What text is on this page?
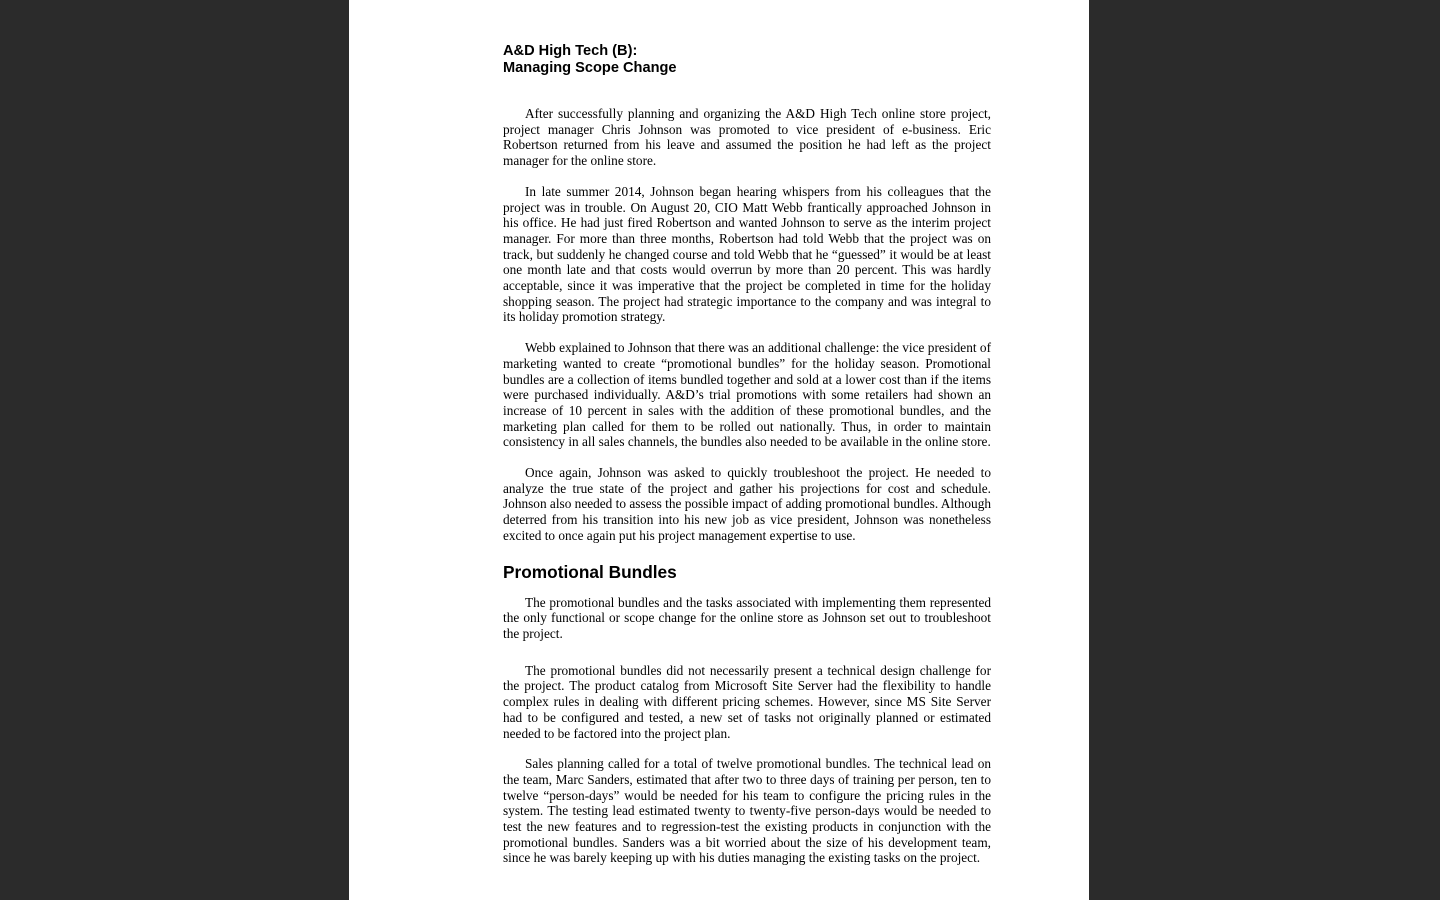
A&D High Tech (B):
Managing Scope Change

After successfully planning and organizing the A&D High Tech online store project, project manager Chris Johnson was promoted to vice president of e-business. Eric Robertson returned from his leave and assumed the position he had left as the project manager for the online store.

In late summer 2014, Johnson began hearing whispers from his colleagues that the project was in trouble. On August 20, CIO Matt Webb frantically approached Johnson in his office. He had just fired Robertson and wanted Johnson to serve as the interim project manager. For more than three months, Robertson had told Webb that the project was on track, but suddenly he changed course and told Webb that he “guessed” it would be at least one month late and that costs would overrun by more than 20 percent. This was hardly acceptable, since it was imperative that the project be completed in time for the holiday shopping season. The project had strategic importance to the company and was integral to its holiday promotion strategy.

Webb explained to Johnson that there was an additional challenge: the vice president of marketing wanted to create “promotional bundles” for the holiday season. Promotional bundles are a collection of items bundled together and sold at a lower cost than if the items were purchased individually. A&D’s trial promotions with some retailers had shown an increase of 10 percent in sales with the addition of these promotional bundles, and the marketing plan called for them to be rolled out nationally. Thus, in order to maintain consistency in all sales channels, the bundles also needed to be available in the online store.

Once again, Johnson was asked to quickly troubleshoot the project. He needed to analyze the true state of the project and gather his projections for cost and schedule. Johnson also needed to assess the possible impact of adding promotional bundles. Although deterred from his transition into his new job as vice president, Johnson was nonetheless excited to once again put his project management expertise to use.

Promotional Bundles

The promotional bundles and the tasks associated with implementing them represented the only functional or scope change for the online store as Johnson set out to troubleshoot the project.

The promotional bundles did not necessarily present a technical design challenge for the project. The product catalog from Microsoft Site Server had the flexibility to handle complex rules in dealing with different pricing schemes. However, since MS Site Server had to be configured and tested, a new set of tasks not originally planned or estimated needed to be factored into the project plan.

Sales planning called for a total of twelve promotional bundles. The technical lead on the team, Marc Sanders, estimated that after two to three days of training per person, ten to twelve “person-days” would be needed for his team to configure the pricing rules in the system. The testing lead estimated twenty to twenty-five person-days would be needed to test the new features and to regression-test the existing products in conjunction with the promotional bundles. Sanders was a bit worried about the size of his development team, since he was barely keeping up with his duties managing the existing tasks on the project.
